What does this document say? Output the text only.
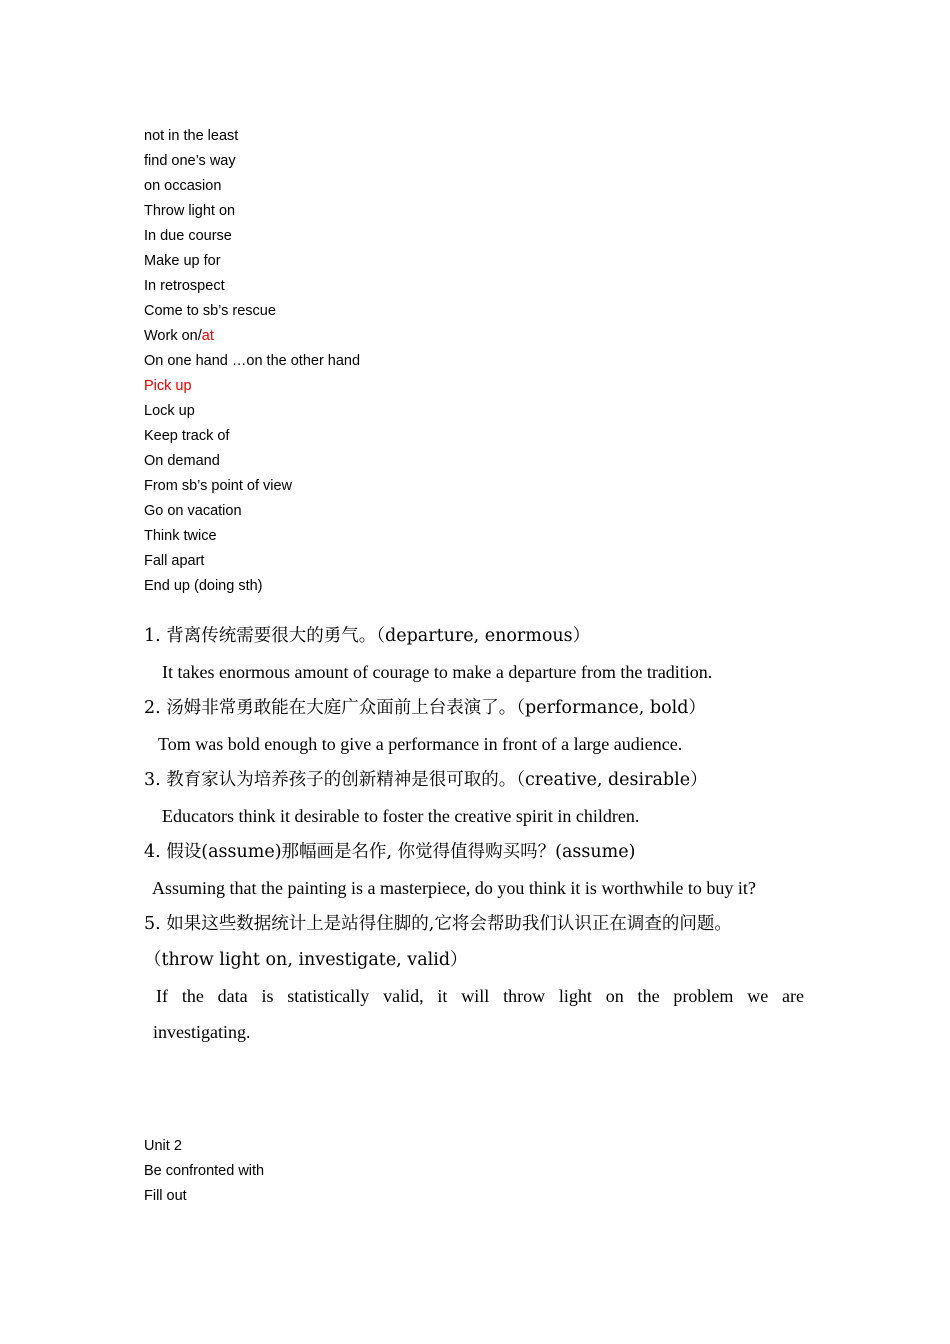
not in the least
find one’s way
on occasion
Throw light on
In due course
Make up for
In retrospect
Come to sb’s rescue
Work on/at
On one hand …on the other hand
Pick up
Lock up
Keep track of
On demand
From sb’s point of view
Go on vacation
Think twice
Fall apart
End up (doing sth)
1. 背离传统需要很大的勇气。（departure, enormous）
It takes enormous amount of courage to make a departure from the tradition.
2. 汤姆非常勇敢能在大庭广众面前上台表演了。（performance, bold）
Tom was bold enough to give a performance in front of a large audience.
3. 教育家认为培养孩子的创新精神是很可取的。（creative, desirable）
Educators think it desirable to foster the creative spirit in children.
4. 假设(assume)那幅画是名作, 你觉得值得购买吗？(assume)
Assuming that the painting is a masterpiece, do you think it is worthwhile to buy it?
5. 如果这些数据统计上是站得住脚的,它将会帮助我们认识正在调查的问题。
（throw light on, investigate, valid）
If the data is statistically valid, it will throw light on the problem we are
investigating.
Unit 2
Be confronted with
Fill out
